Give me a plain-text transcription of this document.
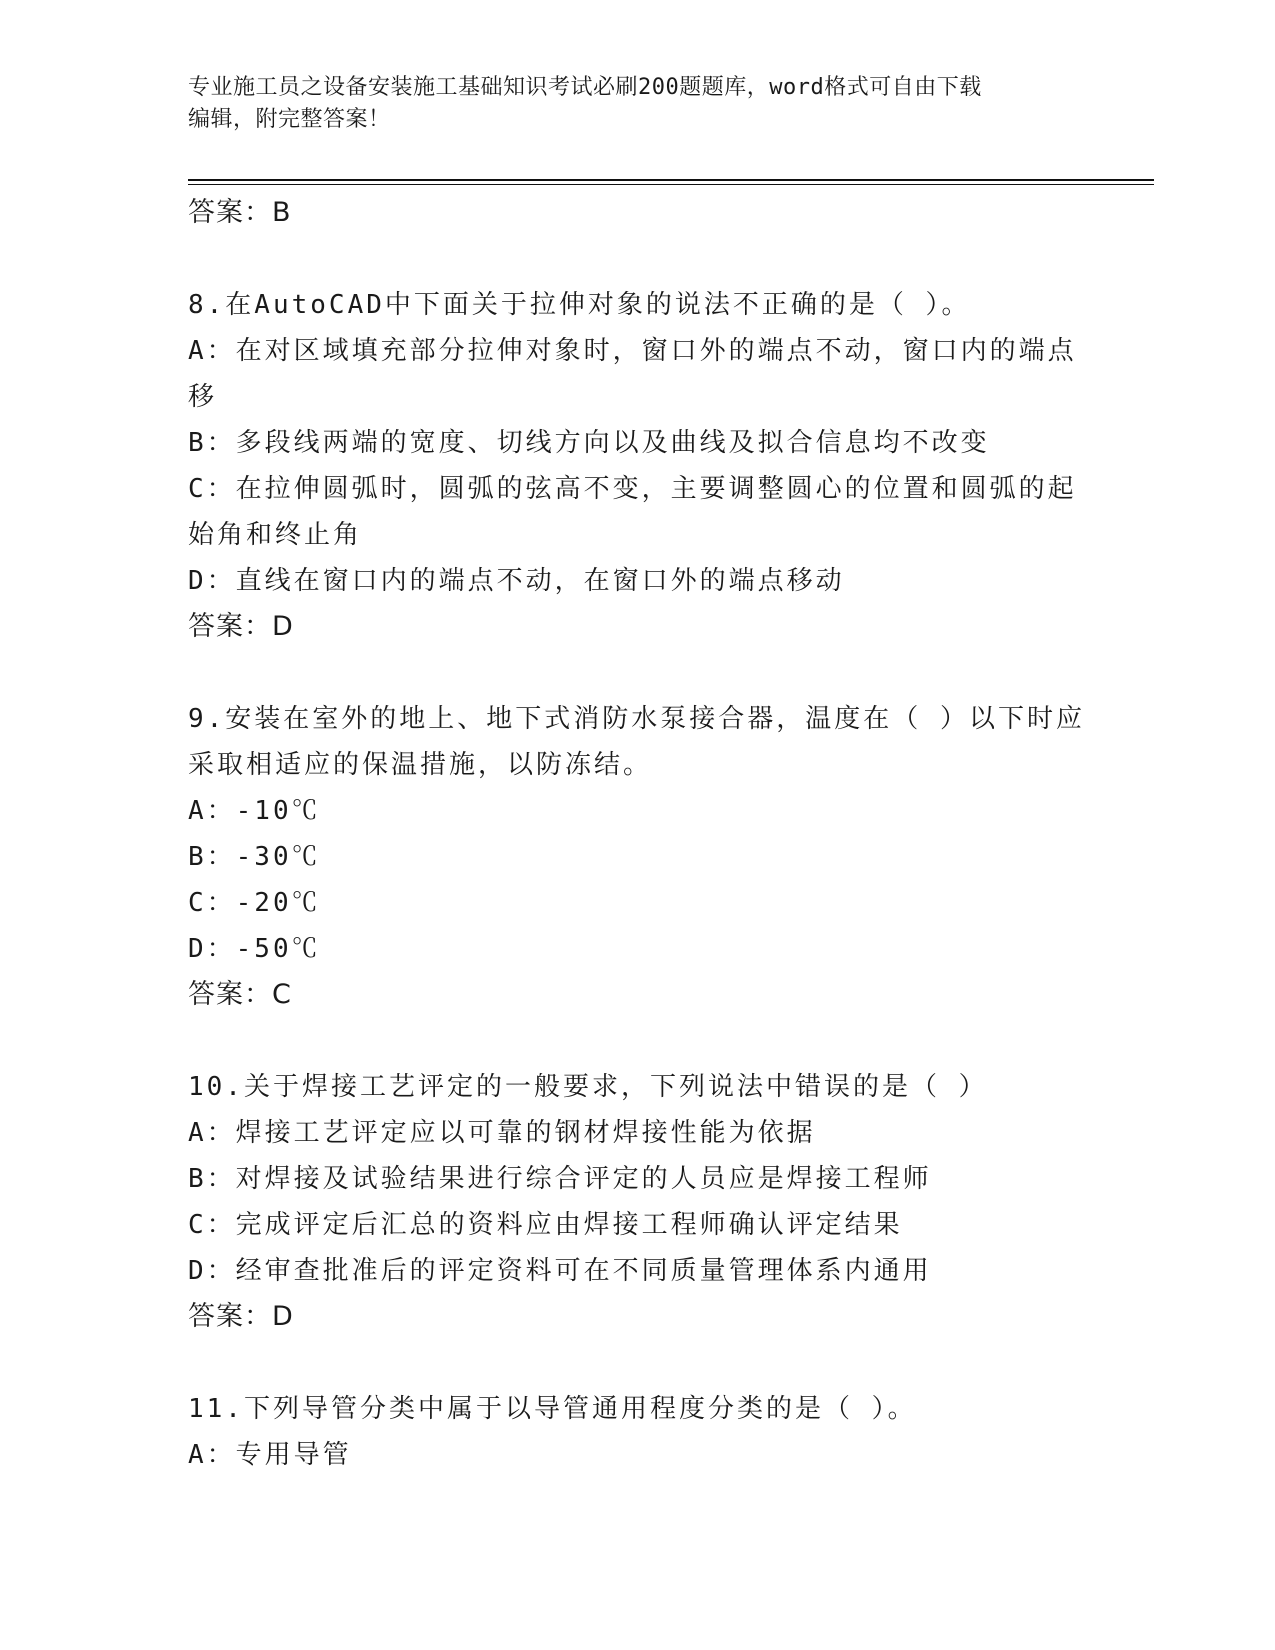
专业施工员之设备安装施工基础知识考试必刷200题题库，word格式可自由下载
编辑，附完整答案！
答案：B
8.在AutoCAD中下面关于拉伸对象的说法不正确的是（ ）。
A：在对区域填充部分拉伸对象时，窗口外的端点不动，窗口内的端点
移
B：多段线两端的宽度、切线方向以及曲线及拟合信息均不改变
C：在拉伸圆弧时，圆弧的弦高不变，主要调整圆心的位置和圆弧的起
始角和终止角
D：直线在窗口内的端点不动，在窗口外的端点移动
答案：D
9.安装在室外的地上、地下式消防水泵接合器，温度在（ ）以下时应
采取相适应的保温措施，以防冻结。
A：-10℃
B：-30℃
C：-20℃
D：-50℃
答案：C
10.关于焊接工艺评定的一般要求，下列说法中错误的是（ ）
A：焊接工艺评定应以可靠的钢材焊接性能为依据
B：对焊接及试验结果进行综合评定的人员应是焊接工程师
C：完成评定后汇总的资料应由焊接工程师确认评定结果
D：经审查批准后的评定资料可在不同质量管理体系内通用
答案：D
11.下列导管分类中属于以导管通用程度分类的是（ ）。
A：专用导管
